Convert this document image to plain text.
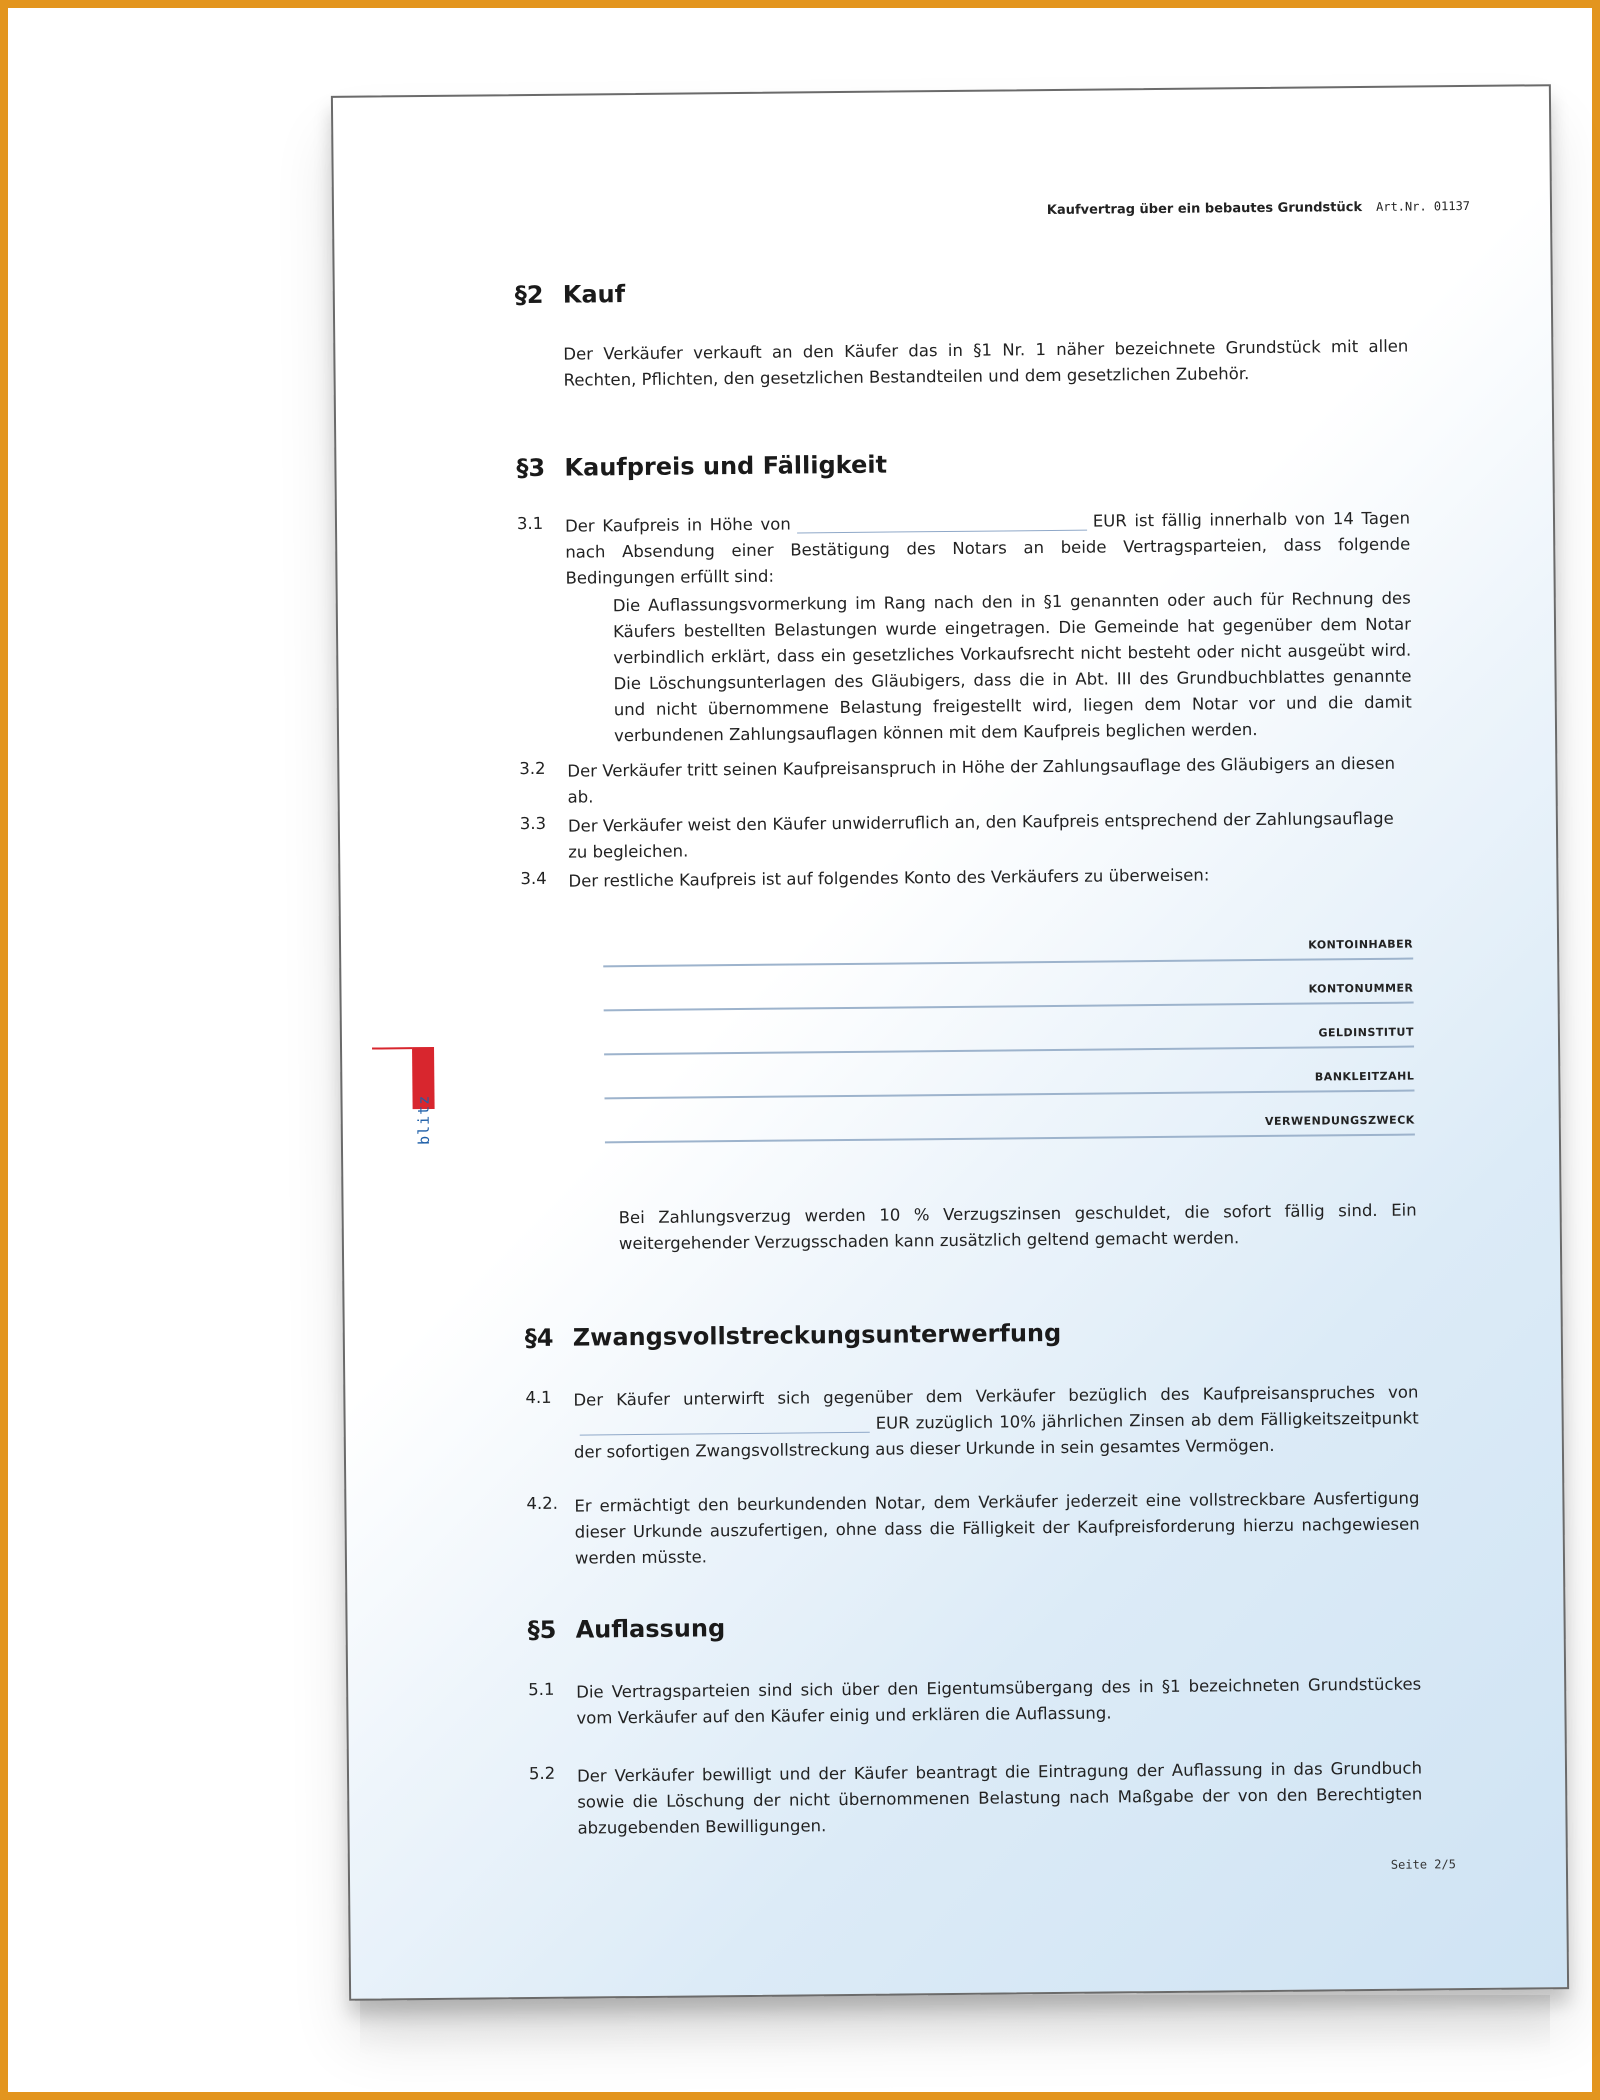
Kaufvertrag über ein bebautes Grundstück Art.Nr. 01137
FORMblitz
§2 Kauf
Der Verkäufer verkauft an den Käufer das in §1 Nr. 1 näher bezeichnete Grundstück mit allen Rechten, Pflichten, den gesetzlichen Bestandteilen und dem gesetzlichen Zubehör.
§3 Kaufpreis und Fälligkeit
3.1 Der Kaufpreis in Höhe von	EUR ist fällig innerhalb von 14 Tagen nach Absendung einer Bestätigung des Notars an beide Vertragsparteien, dass folgende Bedingungen erfüllt sind:
Die Auflassungsvormerkung im Rang nach den in §1 genannten oder auch für Rechnung des Käufers bestellten Belastungen wurde eingetragen. Die Gemeinde hat gegenüber dem Notar verbindlich erklärt, dass ein gesetzliches Vorkaufsrecht nicht besteht oder nicht ausgeübt wird. Die Löschungsunterlagen des Gläubigers, dass die in Abt. III des Grundbuchblattes genannte und nicht übernommene Belastung freigestellt wird, liegen dem Notar vor und die damit verbundenen Zahlungsauflagen können mit dem Kaufpreis beglichen werden.
3.2 Der Verkäufer tritt seinen Kaufpreisanspruch in Höhe der Zahlungsauflage des Gläubigers an diesen ab.
3.3 Der Verkäufer weist den Käufer unwiderruflich an, den Kaufpreis entsprechend der Zahlungsauflage zu begleichen.
3.4 Der restliche Kaufpreis ist auf folgendes Konto des Verkäufers zu überweisen:
KONTOINHABER
KONTONUMMER
GELDINSTITUT
BANKLEITZAHL
VERWENDUNGSZWECK
Bei Zahlungsverzug werden 10 % Verzugszinsen geschuldet, die sofort fällig sind. Ein weitergehender Verzugsschaden kann zusätzlich geltend gemacht werden.
§4 Zwangsvollstreckungsunterwerfung
4.1 Der Käufer unterwirft sich gegenüber dem Verkäufer bezüglich des Kaufpreisanspruches vonEUR zuzüglich 10% jährlichen Zinsen ab dem Fälligkeitszeitpunkt der sofortigen Zwangsvollstreckung aus dieser Urkunde in sein gesamtes Vermögen.
4.2. Er ermächtigt den beurkundenden Notar, dem Verkäufer jederzeit eine vollstreckbare Ausfertigung dieser Urkunde auszufertigen, ohne dass die Fälligkeit der Kaufpreisforderung hierzu nachgewiesen werden müsste.
§5 Auflassung
5.1 Die Vertragsparteien sind sich über den Eigentumsübergang des in §1 bezeichneten Grundstückes vom Verkäufer auf den Käufer einig und erklären die Auflassung.
5.2 Der Verkäufer bewilligt und der Käufer beantragt die Eintragung der Auflassung in das Grundbuch sowie die Löschung der nicht übernommenen Belastung nach Maßgabe der von den Berechtigten abzugebenden Bewilligungen.
Seite 2/5
